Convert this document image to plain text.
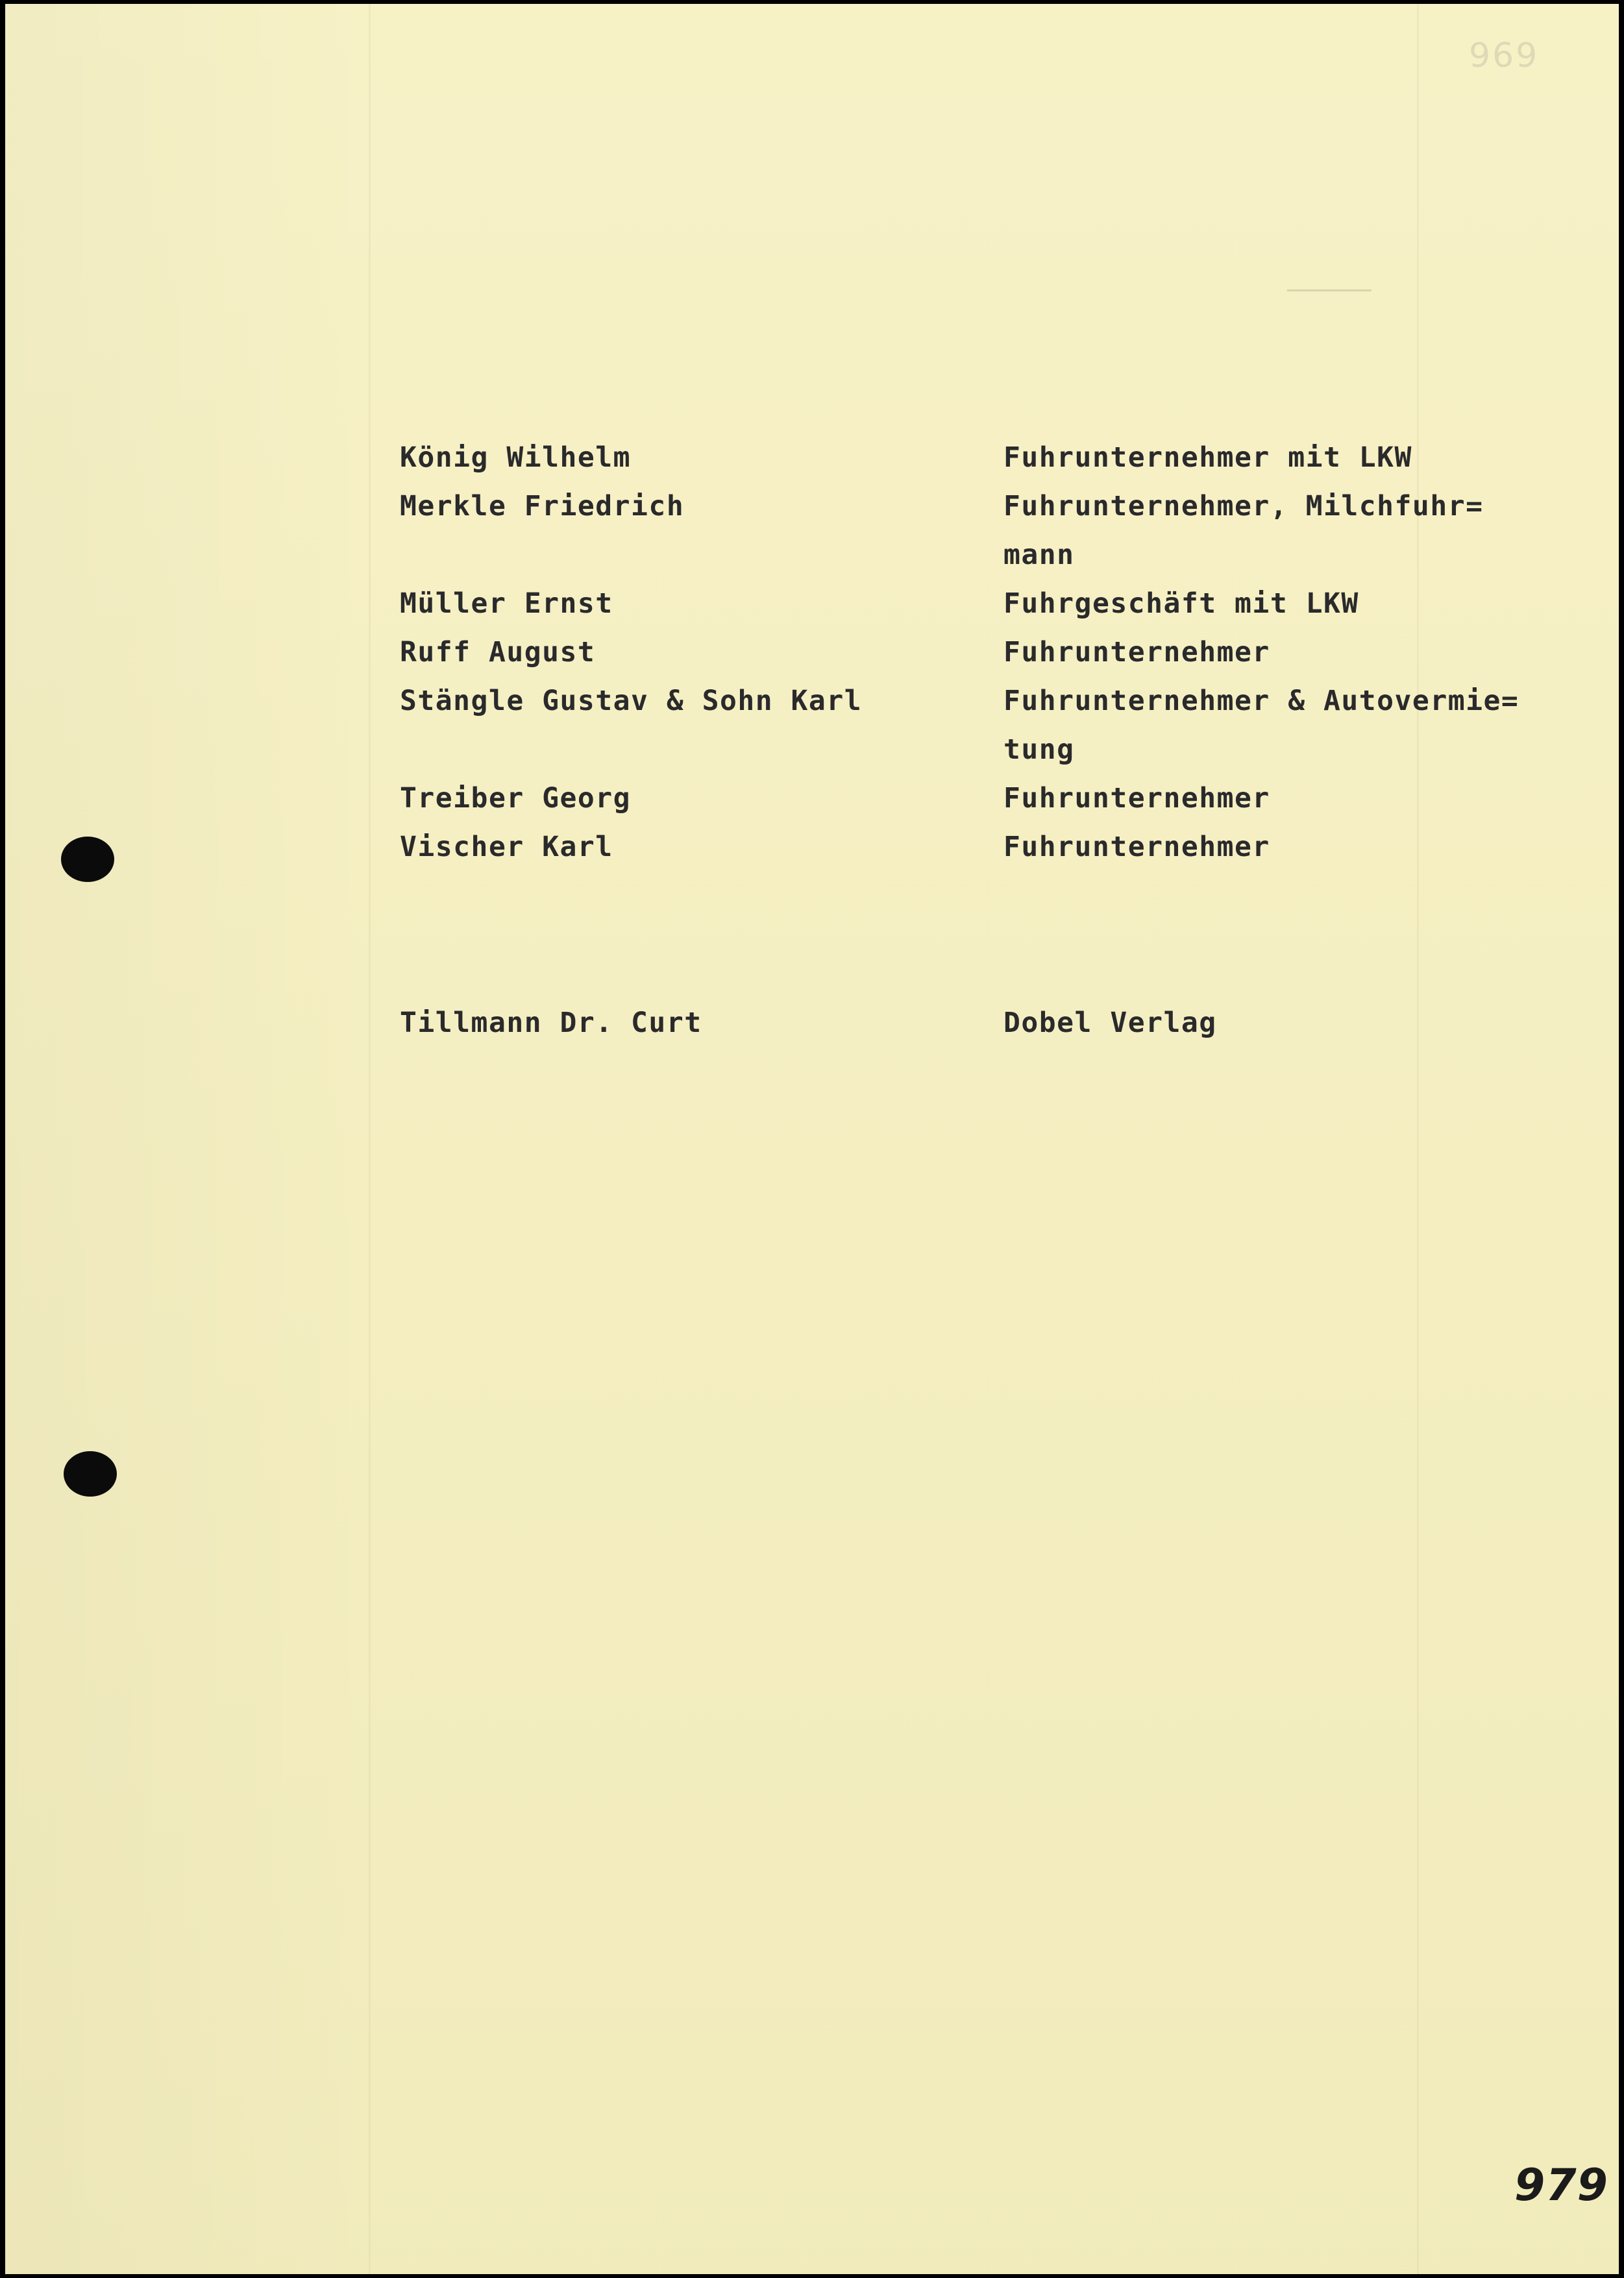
969
König Wilhelm	Fuhrunternehmer mit LKW
Merkle Friedrich	Fuhrunternehmer, Milchfuhr=
mann
Müller Ernst	Fuhrgeschäft mit LKW
Ruff August	Fuhrunternehmer
Stängle Gustav & Sohn Karl	Fuhrunternehmer & Autovermie=
tung
Treiber Georg	Fuhrunternehmer
Vischer Karl	Fuhrunternehmer
Tillmann Dr. Curt	Dobel Verlag
979
